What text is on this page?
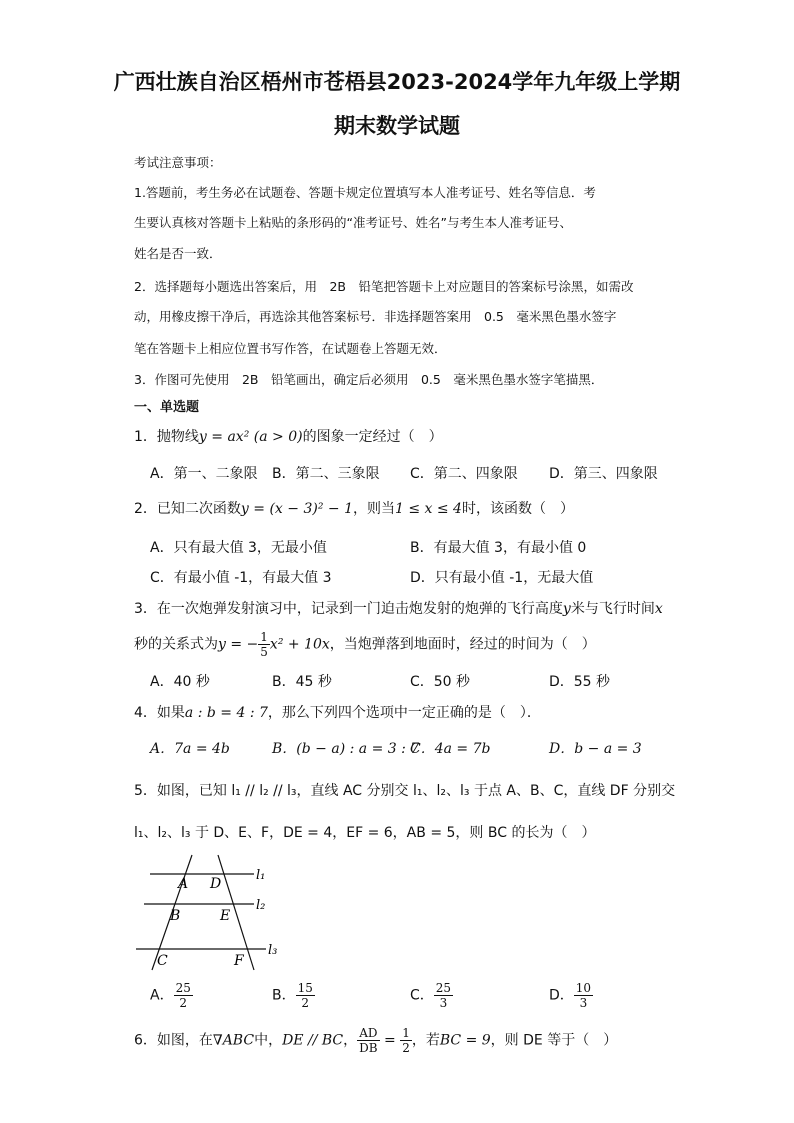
广西壮族自治区梧州市苍梧县2023-2024学年九年级上学期
期末数学试题
考试注意事项：
1.答题前，考生务必在试题卷、答题卡规定位置填写本人准考证号、姓名等信息．考
生要认真核对答题卡上粘贴的条形码的“准考证号、姓名”与考生本人准考证号、
姓名是否一致．
2．选择题每小题选出答案后，用　2B　铅笔把答题卡上对应题目的答案标号涂黑，如需改
动，用橡皮擦干净后，再选涂其他答案标号．非选择题答案用　0.5　毫米黑色墨水签字
笔在答题卡上相应位置书写作答，在试题卷上答题无效．
3．作图可先使用　2B　铅笔画出，确定后必须用　0.5　毫米黑色墨水签字笔描黑．
一、单选题
1．抛物线y = ax² (a > 0)的图象一定经过（　）
A．第一、二象限 B．第二、三象限 C．第二、四象限 D．第三、四象限
2．已知二次函数y = (x − 3)² − 1，则当1 ≤ x ≤ 4时，该函数（　）
A．只有最大值 3，无最小值	B．有最大值 3，有最小值 0
C．有最小值 -1，有最大值 3	D．只有最小值 -1，无最大值
3．在一次炮弹发射演习中，记录到一门迫击炮发射的炮弹的飞行高度y米与飞行时间x
秒的关系式为y = − $\frac{1}{5} x^2 + 10x$，当炮弹落到地面时，经过的时间为（　）
A．40 秒	B．45 秒	C．50 秒	D．55 秒
4．如果a : b = 4 : 7，那么下列四个选项中一定正确的是（　）．
A．7a = 4b	B．(b − a) : a = 3 : 7
C．4a = 7b	D．b − a = 3
5．如图，已知 l₁ // l₂ // l₃，直线 AC 分别交 l₁、l₂、l₃ 于点 A、B、C，直线 DF 分别交
l₁、l₂、l₃ 于 D、E、F，DE = 4，EF = 6，AB = 5，则 BC 的长为（　）
A D
B	E
C	F
l₁
l₂
l₃
A． $\frac{25}{2}$	B． $\frac{15}{2}$	C． $\frac{25}{3}$	D． $\frac{10}{3}$
6．如图，在∇ABC中，DE // BC， $\frac{AD}{DB} = \frac{1}{2}$ ，若BC = 9，则 DE 等于（　）
